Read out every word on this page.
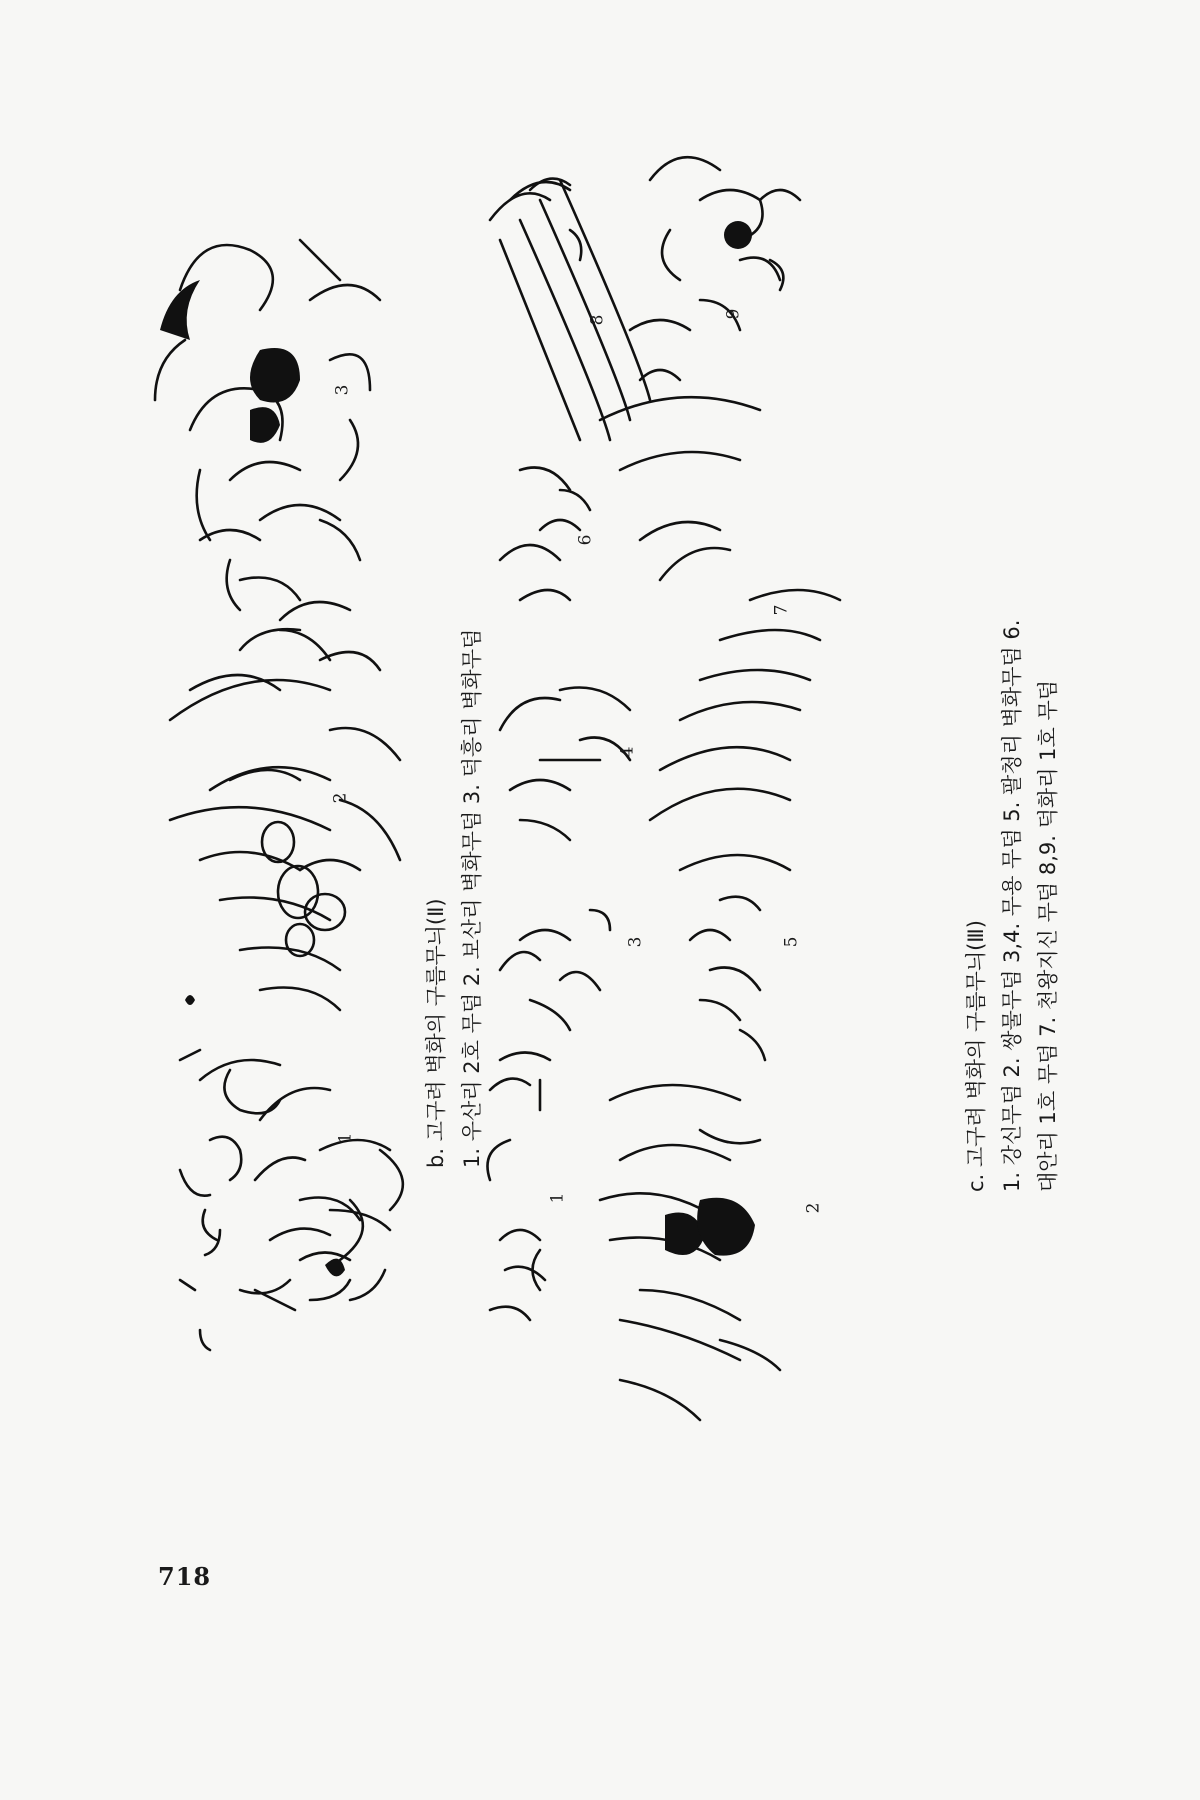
1
2
3
1
2
3
4
5
6
7
8
9
b. 고구려 벽화의 구름무늬(Ⅱ) 1. 우산리 2호 무덤 2. 보산리 벽화무덤 3. 덕흥리 벽화무덤	c. 고구려 벽화의 구름무늬(Ⅲ) 1. 강신무덤 2. 쌍물무덤 3,4. 무용 무덤 5. 팔청리 벽화무덤 6. 대안리 1호 무덤 7. 천왕지신 무덤 8,9. 덕화리 1호 무덤
718
